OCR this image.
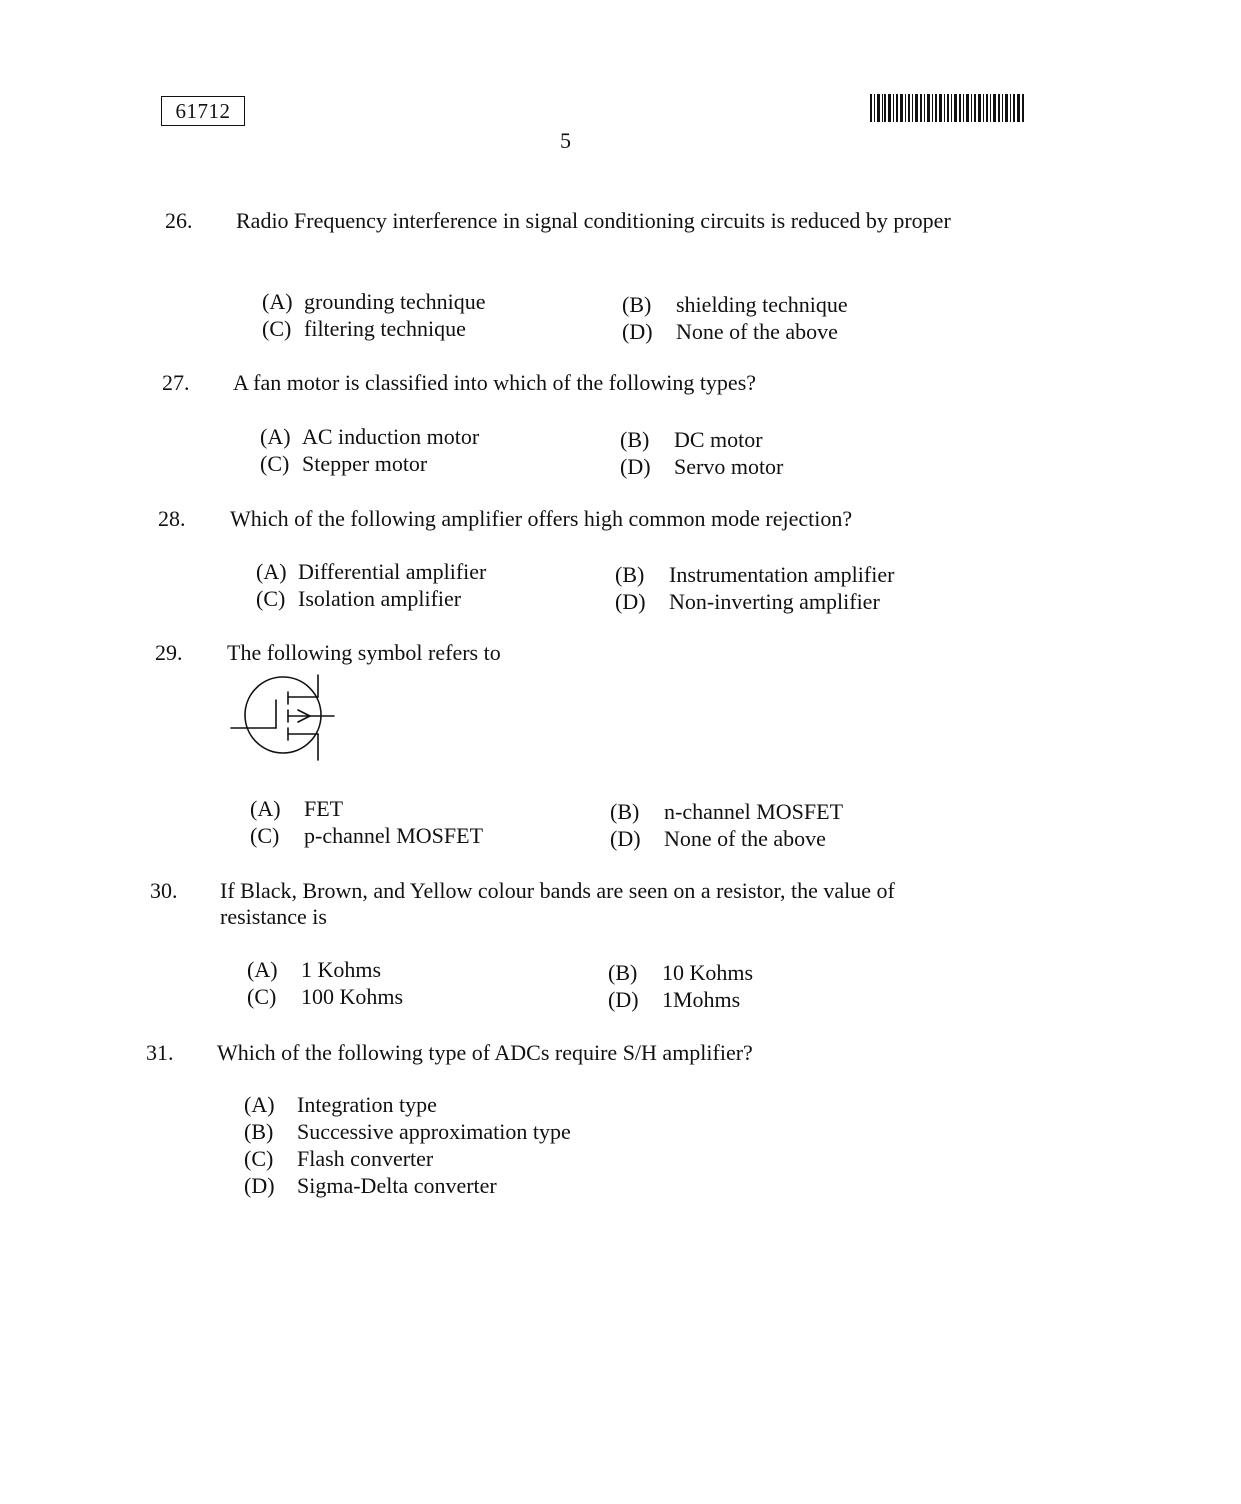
61712
5
26.	Radio Frequency interference in signal conditioning circuits is reduced by proper
(A) grounding technique	(B) shielding technique
(C) filtering technique	(D) None of the above
27.	A fan motor is classified into which of the following types?
(A) AC induction motor	(B) DC motor
(C) Stepper motor	(D) Servo motor
28.	Which of the following amplifier offers high common mode rejection?
(A) Differential amplifier	(B) Instrumentation amplifier
(C) Isolation amplifier	(D) Non-inverting amplifier
29.	The following symbol refers to
(A) FET	(B) n-channel MOSFET
(C) p-channel MOSFET	(D) None of the above
30.	If Black, Brown, and Yellow colour bands are seen on a resistor, the value of resistance is
(A) 1 Kohms	(B) 10 Kohms
(C) 100 Kohms	(D) 1Mohms
31.	Which of the following type of ADCs require S/H amplifier?
(A) Integration type
(B) Successive approximation type
(C) Flash converter
(D) Sigma-Delta converter
